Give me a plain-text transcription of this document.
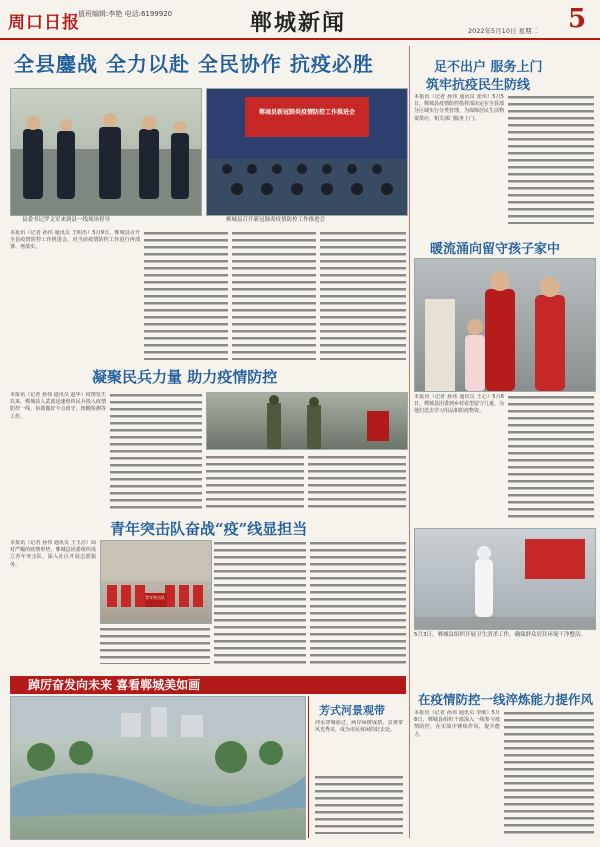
周口日报
值班编辑:李艳 电话:6199920	郸城新闻	2022年5月10日 星期二 5
全县鏖战 全力以赴 全民协作 抗疫必胜
县委书记罗文军来到县一线现场督导
郸城县新冠肺炎疫情防控工作推进会
郸城县召开新冠肺炎疫情防控工作推进会
本报讯（记者 孙伟 通讯员 王明杰）5月9日，郸城县召开全县疫情防控工作推进会，对当前疫情防控工作进行再部署、再落实。
足不出户 服务上门
筑牢抗疫民生防线
本报讯（记者 孙伟 通讯员 张伟）5月5日，郸城县疫情防控指挥部决定在全县部分区域实行分类管理，为保障居民生活物资供应，相关部门服务上门。
暖流涌向留守孩子家中
本报讯（记者 孙伟 通讯员 王心）5月6日，郸城县团委到乡村看望留守儿童，为他们送去学习用品和防疫物资。
凝聚民兵力量 助力疫情防控
本报讯（记者 孙伟 通讯员 赵华）疫情发生以来，郸城县人武部迅速组织民兵投入疫情防控一线，协助做好卡点值守、核酸检测等工作。
青年突击队奋战“疫”线显担当
本报讯（记者 孙伟 通讯员 王玉洁）面对严峻的疫情形势，郸城县团委组织成立青年突击队，深入社区开展志愿服务。
青年突击队
踔厉奋发向未来 喜看郸城美如画
芳式河景观带
河水穿城而过，两岸绿树成荫，景观带风光秀美，成为市民休闲的好去处。
5月3日，郸城县组织开展卫生消杀工作，确保群众居住环境干净整洁。
在疫情防控一线淬炼能力提作风
本报讯（记者 孙伟 通讯员 李刚）5月8日，郸城县组织干部深入一线参与疫情防控，在实战中锤炼作风、提升能力。
